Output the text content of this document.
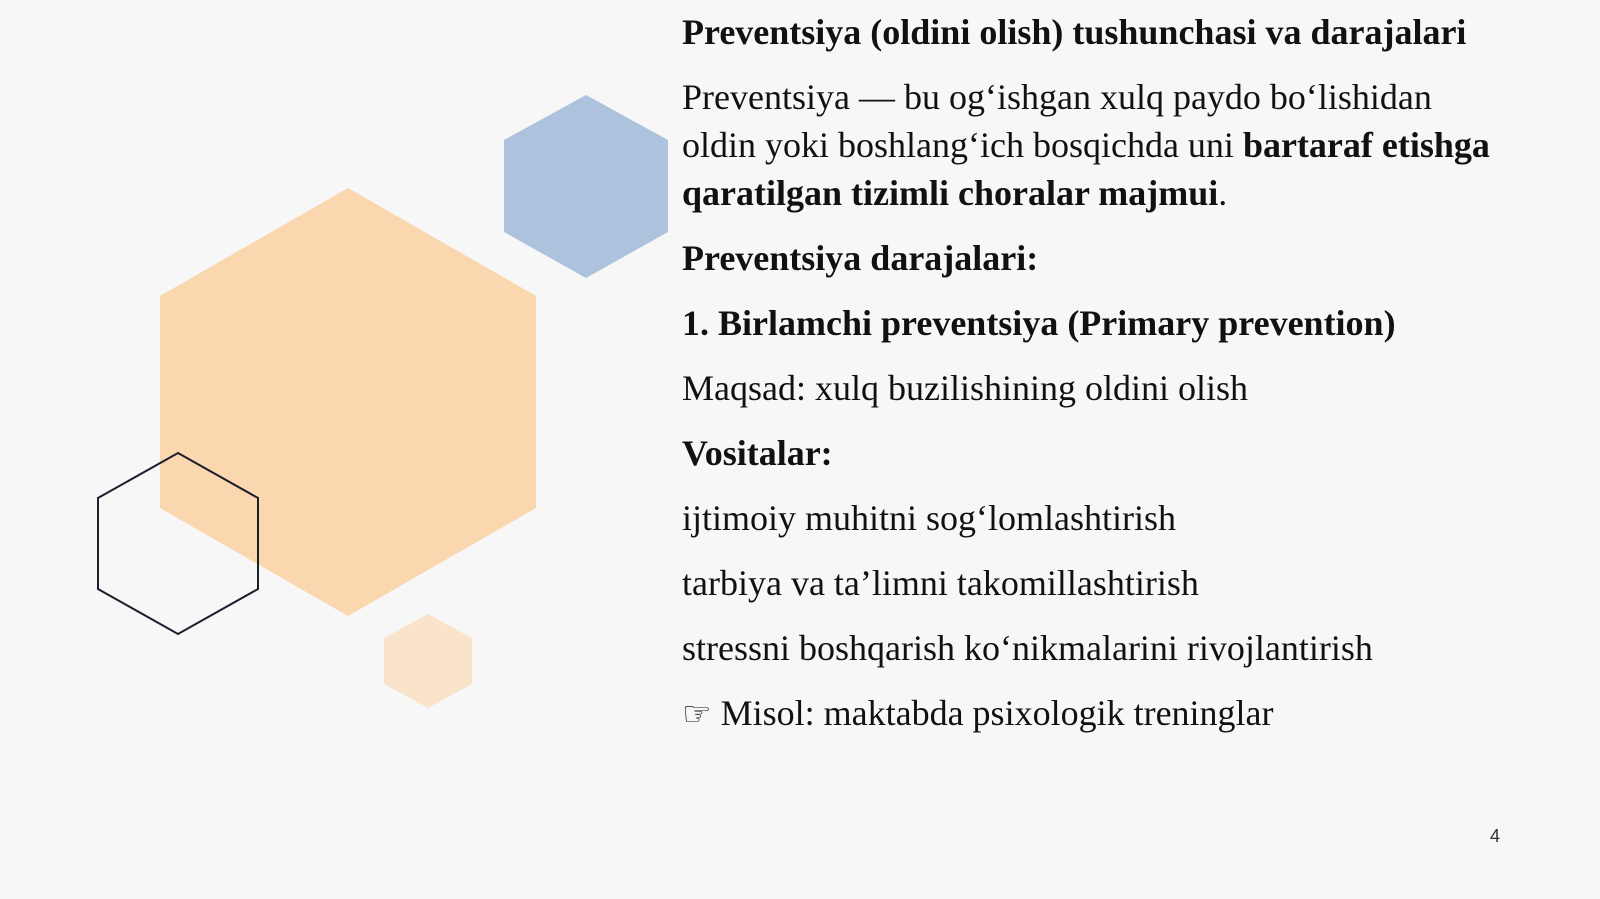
Preventsiya (oldini olish) tushunchasi va darajalari

Preventsiya — bu og‘ishgan xulq paydo bo‘lishidan

oldin yoki boshlang‘ich bosqichda uni bartaraf etishga

qaratilgan tizimli choralar majmui.

Preventsiya darajalari:

1. Birlamchi preventsiya (Primary prevention)

Maqsad: xulq buzilishining oldini olish

Vositalar:

ijtimoiy muhitni sog‘lomlashtirish

tarbiya va ta’limni takomillashtirish

stressni boshqarish ko‘nikmalarini rivojlantirish

☞ Misol: maktabda psixologik treninglar

4
